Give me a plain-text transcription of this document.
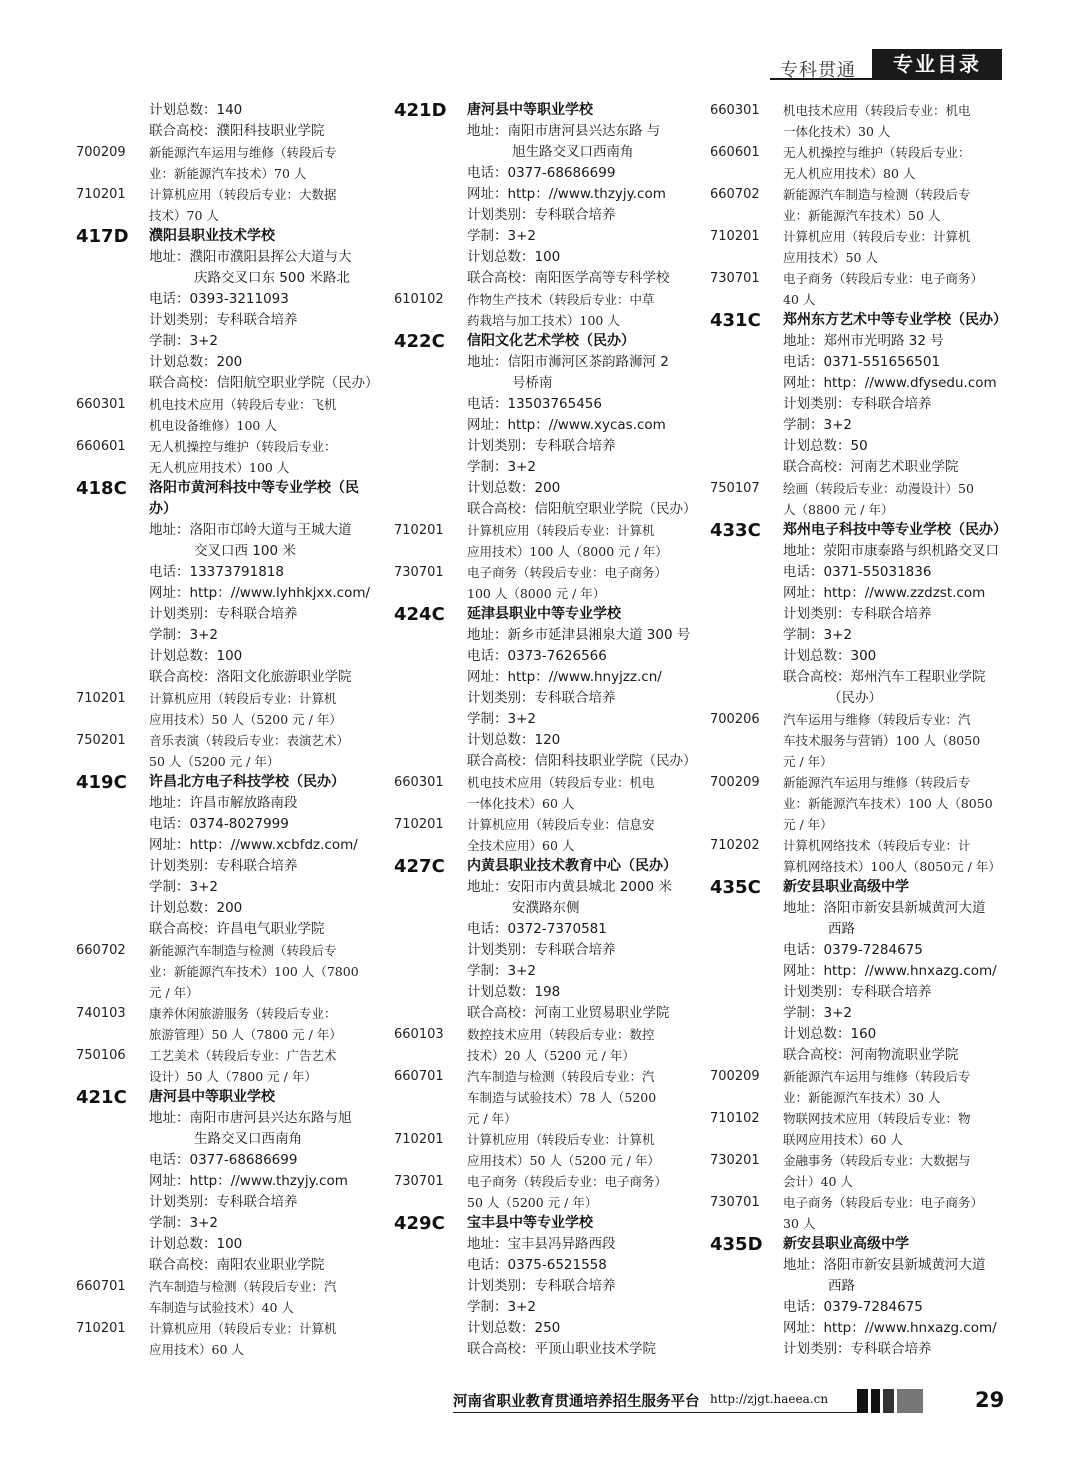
专科贯通	专业目录
计划总数：140
联合高校：濮阳科技职业学院
700209 新能源汽车运用与维修（转段后专
业：新能源汽车技术）70 人
710201 计算机应用（转段后专业：大数据
技术）70 人
417D 濮阳县职业技术学校
地址：濮阳市濮阳县挥公大道与大
庆路交叉口东 500 米路北
电话：0393-3211093
计划类别：专科联合培养
学制：3+2
计划总数：200
联合高校：信阳航空职业学院（民办）
660301 机电技术应用（转段后专业：飞机
机电设备维修）100 人
660601 无人机操控与维护（转段后专业：
无人机应用技术）100 人
418C 洛阳市黄河科技中等专业学校（民办）
地址：洛阳市邙岭大道与王城大道
交叉口西 100 米
电话：13373791818
网址：http：//www.lyhhkjxx.com/
计划类别：专科联合培养
学制：3+2
计划总数：100
联合高校：洛阳文化旅游职业学院
710201 计算机应用（转段后专业：计算机
应用技术）50 人（5200 元 / 年）
750201 音乐表演（转段后专业：表演艺术）
50 人（5200 元 / 年）
419C 许昌北方电子科技学校（民办）
地址：许昌市解放路南段
电话：0374-8027999
网址：http：//www.xcbfdz.com/
计划类别：专科联合培养
学制：3+2
计划总数：200
联合高校：许昌电气职业学院
660702 新能源汽车制造与检测（转段后专
业：新能源汽车技术）100 人（7800
元 / 年）
740103 康养休闲旅游服务（转段后专业：
旅游管理）50 人（7800 元 / 年）
750106 工艺美术（转段后专业：广告艺术
设计）50 人（7800 元 / 年）
421C 唐河县中等职业学校
地址：南阳市唐河县兴达东路与旭
生路交叉口西南角
电话：0377-68686699
网址：http：//www.thzyjy.com
计划类别：专科联合培养
学制：3+2
计划总数：100
联合高校：南阳农业职业学院
660701 汽车制造与检测（转段后专业：汽
车制造与试验技术）40 人
710201 计算机应用（转段后专业：计算机
应用技术）60 人
421D 唐河县中等职业学校
地址：南阳市唐河县兴达东路 与
旭生路交叉口西南角
电话：0377-68686699
网址：http：//www.thzyjy.com
计划类别：专科联合培养
学制：3+2
计划总数：100
联合高校：南阳医学高等专科学校
610102 作物生产技术（转段后专业：中草
药栽培与加工技术）100 人
422C 信阳文化艺术学校（民办）
地址：信阳市浉河区茶韵路浉河 2
号桥南
电话：13503765456
网址：http：//www.xycas.com
计划类别：专科联合培养
学制：3+2
计划总数：200
联合高校：信阳航空职业学院（民办）
710201 计算机应用（转段后专业：计算机
应用技术）100 人（8000 元 / 年）
730701 电子商务（转段后专业：电子商务）
100 人（8000 元 / 年）
424C 延津县职业中等专业学校
地址：新乡市延津县湘泉大道 300 号
电话：0373-7626566
网址：http：//www.hnyjzz.cn/
计划类别：专科联合培养
学制：3+2
计划总数：120
联合高校：信阳科技职业学院（民办）
660301 机电技术应用（转段后专业：机电
一体化技术）60 人
710201 计算机应用（转段后专业：信息安
全技术应用）60 人
427C 内黄县职业技术教育中心（民办）
地址：安阳市内黄县城北 2000 米
安濮路东侧
电话：0372-7370581
计划类别：专科联合培养
学制：3+2
计划总数：198
联合高校：河南工业贸易职业学院
660103 数控技术应用（转段后专业：数控
技术）20 人（5200 元 / 年）
660701 汽车制造与检测（转段后专业：汽
车制造与试验技术）78 人（5200
元 / 年）
710201 计算机应用（转段后专业：计算机
应用技术）50 人（5200 元 / 年）
730701 电子商务（转段后专业：电子商务）
50 人（5200 元 / 年）
429C 宝丰县中等专业学校
地址：宝丰县冯异路西段
电话：0375-6521558
计划类别：专科联合培养
学制：3+2
计划总数：250
联合高校：平顶山职业技术学院
660301 机电技术应用（转段后专业：机电
一体化技术）30 人
660601 无人机操控与维护（转段后专业：
无人机应用技术）80 人
660702 新能源汽车制造与检测（转段后专
业：新能源汽车技术）50 人
710201 计算机应用（转段后专业：计算机
应用技术）50 人
730701 电子商务（转段后专业：电子商务）
40 人
431C 郑州东方艺术中等专业学校（民办）
地址：郑州市光明路 32 号
电话：0371-551656501
网址：http：//www.dfysedu.com
计划类别：专科联合培养
学制：3+2
计划总数：50
联合高校：河南艺术职业学院
750107 绘画（转段后专业：动漫设计）50
人（8800 元 / 年）
433C 郑州电子科技中等专业学校（民办）
地址：荥阳市康泰路与织机路交叉口
电话：0371-55031836
网址：http：//www.zzdzst.com
计划类别：专科联合培养
学制：3+2
计划总数：300
联合高校：郑州汽车工程职业学院
（民办）
700206 汽车运用与维修（转段后专业：汽
车技术服务与营销）100 人（8050
元 / 年）
700209 新能源汽车运用与维修（转段后专
业：新能源汽车技术）100 人（8050
元 / 年）
710202 计算机网络技术（转段后专业：计
算机网络技术）100人（8050元 / 年）
435C 新安县职业高级中学
地址：洛阳市新安县新城黄河大道
西路
电话：0379-7284675
网址：http：//www.hnxazg.com/
计划类别：专科联合培养
学制：3+2
计划总数：160
联合高校：河南物流职业学院
700209 新能源汽车运用与维修（转段后专
业：新能源汽车技术）30 人
710102 物联网技术应用（转段后专业：物
联网应用技术）60 人
730201 金融事务（转段后专业：大数据与
会计）40 人
730701 电子商务（转段后专业：电子商务）
30 人
435D 新安县职业高级中学
地址：洛阳市新安县新城黄河大道
西路
电话：0379-7284675
网址：http：//www.hnxazg.com/
计划类别：专科联合培养
河南省职业教育贯通培养招生服务平台 http://zjgt.haeea.cn	29
